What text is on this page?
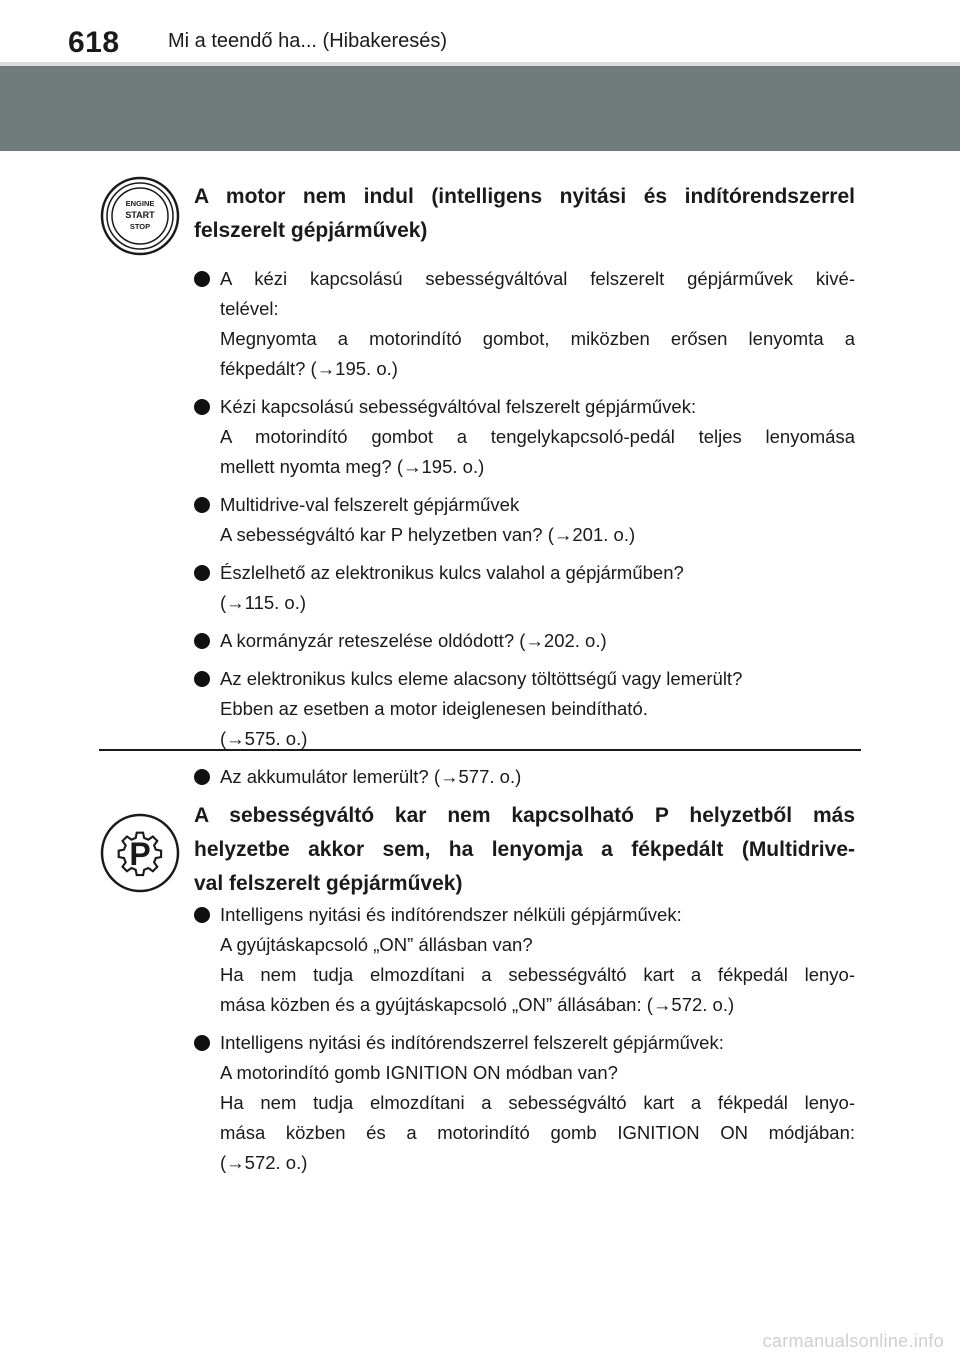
618 Mi a teendő ha... (Hibakeresés)
ENGINE
START
STOP
A motor nem indul (intelligens nyitási és indítórendszerrel
felszerelt gépjárművek)
A kézi kapcsolású sebességváltóval felszerelt gépjárművek kivé-
telével:
Megnyomta a motorindító gombot, miközben erősen lenyomta a
fékpedált? (→195. o.)
Kézi kapcsolású sebességváltóval felszerelt gépjárművek:
A motorindító gombot a tengelykapcsoló-pedál teljes lenyomása
mellett nyomta meg? (→195. o.)
Multidrive-val felszerelt gépjárművek
A sebességváltó kar P helyzetben van? (→201. o.)
Észlelhető az elektronikus kulcs valahol a gépjárműben?
(→115. o.)
A kormányzár reteszelése oldódott? (→202. o.)
Az elektronikus kulcs eleme alacsony töltöttségű vagy lemerült?
Ebben az esetben a motor ideiglenesen beindítható.
(→575. o.)
Az akkumulátor lemerült? (→577. o.)
P
A sebességváltó kar nem kapcsolható P helyzetből más
helyzetbe akkor sem, ha lenyomja a fékpedált (Multidrive-
val felszerelt gépjárművek)
Intelligens nyitási és indítórendszer nélküli gépjárművek:
A gyújtáskapcsoló „ON” állásban van?
Ha nem tudja elmozdítani a sebességváltó kart a fékpedál lenyo-
mása közben és a gyújtáskapcsoló „ON” állásában: (→572. o.)
Intelligens nyitási és indítórendszerrel felszerelt gépjárművek:
A motorindító gomb IGNITION ON módban van?
Ha nem tudja elmozdítani a sebességváltó kart a fékpedál lenyo-
mása közben és a motorindító gomb IGNITION ON módjában:
(→572. o.)
carmanualsonline.info
